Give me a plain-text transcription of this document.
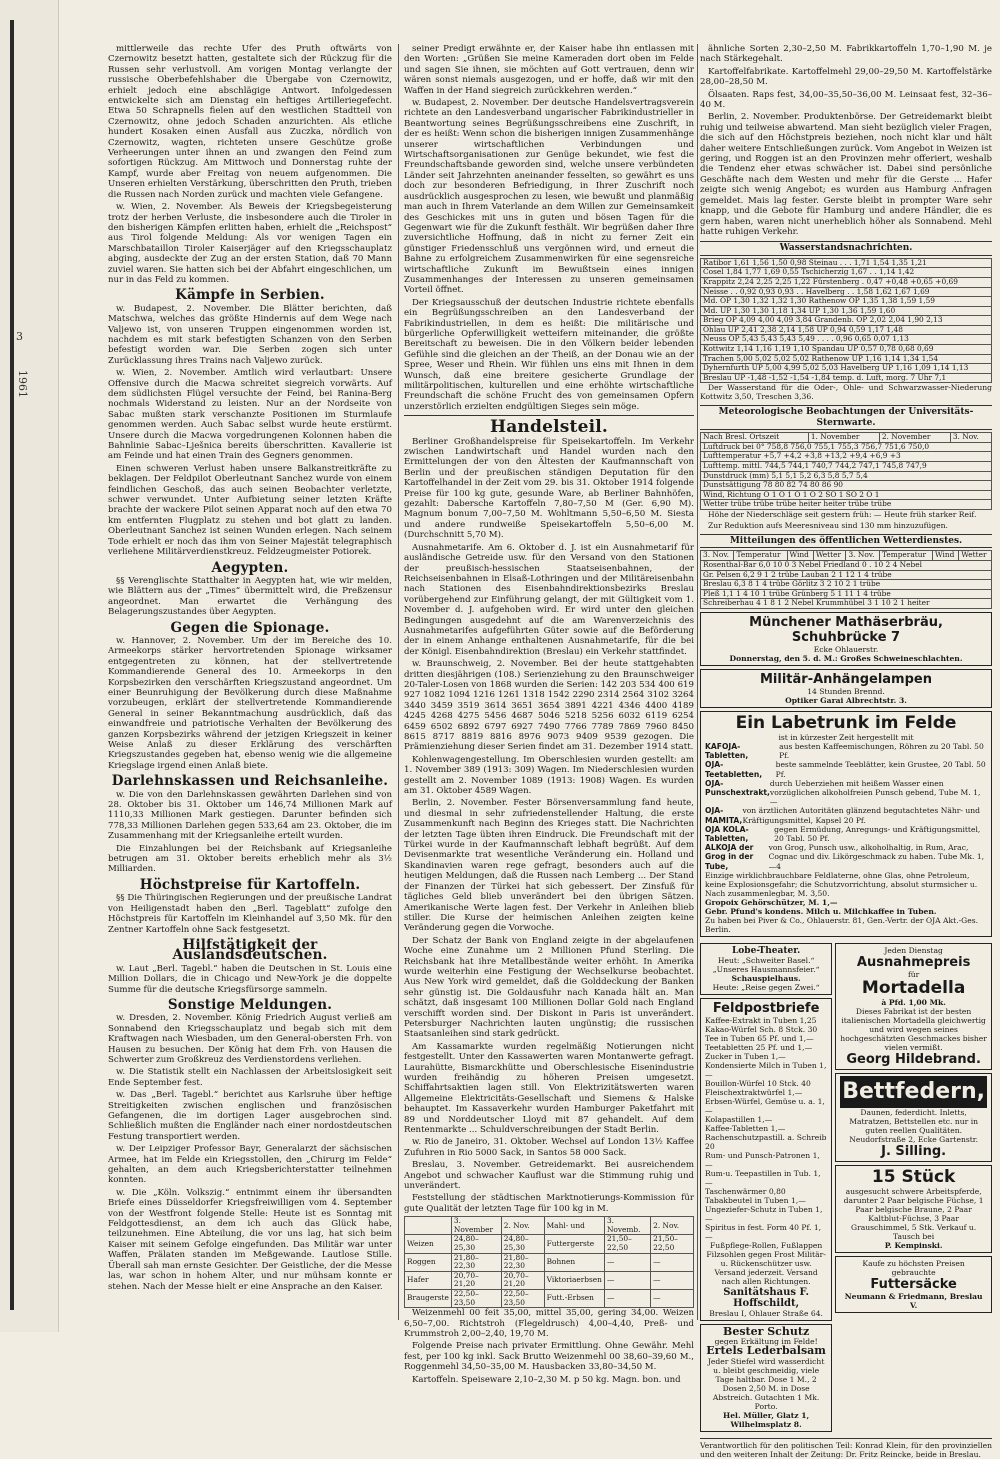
3
1961

mittlerweile das rechte Ufer des Pruth oftwärts von Czernowitz besetzt hatten, gestaltete sich der Rückzug für die Russen sehr verlustvoll. Am vorigen Montag verlangte der russische Oberbefehlshaber die Übergabe von Czernowitz, erhielt jedoch eine abschlägige Antwort. Infolgedessen entwickelte sich am Dienstag ein heftiges Artilleriegefecht. Etwa 50 Schrapnells fielen auf den westlichen Stadtteil von Czernowitz, ohne jedoch Schaden anzurichten. Als etliche hundert Kosaken einen Ausfall aus Zuczka, nördlich von Czernowitz, wagten, richteten unsere Geschütze große Verheerungen unter ihnen an und zwangen den Feind zum sofortigen Rückzug. Am Mittwoch und Donnerstag ruhte der Kampf, wurde aber Freitag von neuem aufgenommen. Die Unseren erhielten Verstärkung, überschritten den Pruth, trieben die Russen nach Norden zurück und machten viele Gefangene.

w. Wien, 2. November. Als Beweis der Kriegsbegeisterung trotz der herben Verluste, die insbesondere auch die Tiroler in den bisherigen Kämpfen erlitten haben, erhielt die „Reichspost“ aus Tirol folgende Meldung: Als vor wenigen Tagen ein Marschbataillon Tiroler Kaiserjäger auf den Kriegsschauplatz abging, ausdeckte der Zug an der ersten Station, daß 70 Mann zuviel waren. Sie hatten sich bei der Abfahrt eingeschlichen, um nur in das Feld zu kommen.

Kämpfe in Serbien.

w. Budapest, 2. November. Die Blätter berichten, daß Matschwa, welches das größte Hindernis auf dem Wege nach Valjewo ist, von unseren Truppen eingenommen worden ist, nachdem es mit stark befestigten Schanzen von den Serben befestigt worden war. Die Serben zogen sich unter Zurücklassung ihres Trains nach Valjewo zurück.

w. Wien, 2. November. Amtlich wird verlautbart: Unsere Offensive durch die Macwa schreitet siegreich vorwärts. Auf dem südlichsten Flügel versuchte der Feind, bei Ranina-Berg nochmals Widerstand zu leisten. Nur an der Nordseite von Sabac mußten stark verschanzte Positionen im Sturmlaufe genommen werden. Auch Sabac selbst wurde heute erstürmt. Unsere durch die Macwa vorgedrungenen Kolonnen haben die Bahnlinie Sabac–Lješnica bereits überschritten. Kavallerie ist am Feinde und hat einen Train des Gegners genommen.

Einen schweren Verlust haben unsere Balkanstreitkräfte zu beklagen. Der Feldpilot Oberleutnant Sanchez wurde von einem feindlichen Geschoß, das auch seinen Beobachter verletzte, schwer verwundet. Unter Aufbietung seiner letzten Kräfte brachte der wackere Pilot seinen Apparat noch auf den etwa 70 km entfernten Flugplatz zu stehen und bot glatt zu landen. Oberleutnant Sanchez ist seinen Wunden erlegen. Nach seinem Tode erhielt er noch das ihm von Seiner Majestät telegraphisch verliehene Militärverdienstkreuz. Feldzeugmeister Potiorek.

Aegypten.

§§ Verenglischte Statthalter in Aegypten hat, wie wir melden, wie Blättern aus der „Times“ übermittelt wird, die Preßzensur angeordnet. Man erwartet die Verhängung des Belagerungszustandes über Aegypten.

Gegen die Spionage.

w. Hannover, 2. November. Um der im Bereiche des 10. Armeekorps stärker hervortretenden Spionage wirksamer entgegentreten zu können, hat der stellvertretende Kommandierende General des 10. Armeekorps in den Korpsbezirken den verschärften Kriegszustand angeordnet. Um einer Beunruhigung der Bevölkerung durch diese Maßnahme vorzubeugen, erklärt der stellvertretende Kommandierende General in seiner Bekanntmachung ausdrücklich, daß das einwandfreie und patriotische Verhalten der Bevölkerung des ganzen Korpsbezirks während der jetzigen Kriegszeit in keiner Weise Anlaß zu dieser Erklärung des verschärften Kriegszustandes gegeben hat, ebenso wenig wie die allgemeine Kriegslage irgend einen Anlaß biete.

Darlehnskassen und Reichsanleihe.

w. Die von den Darlehnskassen gewährten Darlehen sind von 28. Oktober bis 31. Oktober um 146,74 Millionen Mark auf 1110,33 Millionen Mark gestiegen. Darunter befinden sich 778,33 Millionen Darlehen gegen 533,64 am 23. Oktober, die im Zusammenhang mit der Kriegsanleihe erteilt wurden.

Die Einzahlungen bei der Reichsbank auf Kriegsanleihe betrugen am 31. Oktober bereits erheblich mehr als 3½ Milliarden.

Höchstpreise für Kartoffeln.

§§ Die Thüringischen Regierungen und der preußische Landrat von Heiligenstadt haben den „Berl. Tageblatt“ zufolge den Höchstpreis für Kartoffeln im Kleinhandel auf 3,50 Mk. für den Zentner Kartoffeln ohne Sack festgesetzt.

Hilfstätigkeit der Auslandsdeutschen.

w. Laut „Berl. Tagebl.“ haben die Deutschen in St. Louis eine Million Dollars, die in Chicago und New-York je die doppelte Summe für die deutsche Kriegsfürsorge sammeln.

Sonstige Meldungen.

w. Dresden, 2. November. König Friedrich August verließ am Sonnabend den Kriegsschauplatz und begab sich mit dem Kraftwagen nach Wiesbaden, um den General-obersten Frh. von Hausen zu besuchen. Der König hat dem Frh. von Hausen die Schwerter zum Großkreuz des Verdienstordens verliehen.

w. Die Statistik stellt ein Nachlassen der Arbeitslosigkeit seit Ende September fest.

w. Das „Berl. Tagebl.“ berichtet aus Karlsruhe über heftige Streitigkeiten zwischen englischen und französischen Gefangenen, die im dortigen Lager ausgebrochen sind. Schließlich mußten die Engländer nach einer nordostdeutschen Festung transportiert werden.

w. Der Leipziger Professor Bayr, Generalarzt der sächsischen Armee, hat im Felde ein Kriegsstollen, den „Chirurg im Felde“ gehalten, an dem auch Kriegsberichterstatter teilnehmen konnten.

w. Die „Köln. Volkszig.“ entnimmt einem ihr übersandten Briefe eines Düsseldorfer Kriegsfreiwilligen vom 4. September von der Westfront folgende Stelle: Heute ist es Sonntag mit Feldgottesdienst, an dem ich auch das Glück habe, teilzunehmen. Eine Abteilung, die vor uns lag, hat sich beim Kaiser mit seinem Gefolge eingefunden. Das Militär war unter Waffen, Prälaten standen im Meßgewande. Lautlose Stille. Überall sah man ernste Gesichter. Der Geistliche, der die Messe las, war schon in hohem Alter, und nur mühsam konnte er stehen. Nach der Messe hielt er eine Ansprache an den Kaiser.

seiner Predigt erwähnte er, der Kaiser habe ihn entlassen mit den Worten: „Grüßen Sie meine Kameraden dort oben im Felde und sagen Sie ihnen, sie möchten auf Gott vertrauen, denn wir wären sonst niemals ausgezogen, und er hoffe, daß wir mit den Waffen in der Hand siegreich zurückkehren werden.“

w. Budapest, 2. November. Der deutsche Handelsvertragsverein richtete an den Landesverband ungarischer Fabrikindustrieller in Beantwortung seines Begrüßungsschreibens eine Zuschrift, in der es heißt: Wenn schon die bisherigen innigen Zusammenhänge unserer wirtschaftlichen Verbindungen und Wirtschaftsorganisationen zur Genüge bekundet, wie fest die Freundschaftsbande geworden sind, welche unsere verbündeten Länder seit Jahrzehnten aneinander fesselten, so gewährt es uns doch zur besonderen Befriedigung, in Ihrer Zuschrift noch ausdrücklich ausgesprochen zu lesen, wie bewußt und planmäßig man auch in Ihrem Vaterlande an dem Willen zur Gemeinsamkeit des Geschickes mit uns in guten und bösen Tagen für die Gegenwart wie für die Zukunft festhält. Wir begrüßen daher Ihre zuversichtliche Hoffnung, daß in nicht zu ferner Zeit ein günstiger Friedensschluß uns vergönnen wird, und erneut die Bahne zu erfolgreichem Zusammenwirken für eine segensreiche wirtschaftliche Zukunft im Bewußtsein eines innigen Zusammenhanges der Interessen zu unseren gemeinsamen Vorteil öffnet.

Der Kriegsausschuß der deutschen Industrie richtete ebenfalls ein Begrüßungsschreiben an den Landesverband der Fabrikindustriellen, in dem es heißt: Die militärische und bürgerliche Opferwilligkeit wetteifern miteinander, die größte Bereitschaft zu beweisen. Die in den Völkern beider lebenden Gefühle sind die gleichen an der Theiß, an der Donau wie an der Spree, Weser und Rhein. Wir fühlen uns eins mit Ihnen in dem Wunsch, daß eine breitere gesicherte Grundlage der militärpolitischen, kulturellen und eine erhöhte wirtschaftliche Freundschaft die schöne Frucht des von gemeinsamen Opfern unzerstörlich erzielten endgültigen Sieges sein möge.

Handelsteil.

Berliner Großhandelspreise für Speisekartoffeln. Im Verkehr zwischen Landwirtschaft und Handel wurden nach den Ermittelungen der von den Ältesten der Kaufmannschaft von Berlin und der preußischen ständigen Deputation für den Kartoffelhandel in der Zeit vom 29. bis 31. Oktober 1914 folgende Preise für 100 kg gute, gesunde Ware, ab Berliner Bahnhöfen, gezahlt: Dabersche Kartoffeln 7,80–7,50 M (Ger. 6,90 M). Magnum bonum 7,00–7,50 M. Wohltmann 5,50–6,50 M. Siesta und andere rundweiße Speisekartoffeln 5,50–6,00 M. (Durchschnitt 5,70 M).

Ausnahmetarife. Am 6. Oktober d. J. ist ein Ausnahmetarif für ausländische Getreide usw. für den Versand von den Stationen der preußisch-hessischen Staatseisenbahnen, der Reichseisenbahnen in Elsaß-Lothringen und der Militäreisenbahn nach Stationen des Eisenbahndirektionsbezirks Breslau vorübergehend zur Einführung gelangt, der mit Gültigkeit vom 1. November d. J. aufgehoben wird. Er wird unter den gleichen Bedingungen ausgedehnt auf die am Warenverzeichnis des Ausnahmetarifes aufgeführten Güter sowie auf die Beförderung der in einem Anhange enthaltenen Ausnahmetarife, für die bei der Königl. Eisenbahndirektion (Breslau) ein Verkehr stattfindet.

w. Braunschweig, 2. November. Bei der heute stattgehabten dritten diesjährigen (108.) Serienziehung zu den Braunschweiger 20-Taler-Losen von 1868 wurden die Serien: 142 203 534 400 619 927 1082 1094 1216 1261 1318 1542 2290 2314 2564 3102 3264 3440 3459 3519 3614 3651 3654 3891 4221 4346 4400 4189 4245 4268 4275 5456 4687 5046 5218 5256 6032 6119 6254 6459 6502 6892 6797 6927 7490 7766 7789 7869 7960 8450 8615 8717 8819 8816 8976 9073 9409 9539 gezogen. Die Prämienziehung dieser Serien findet am 31. Dezember 1914 statt.

Kohlenwagengestellung. Im Oberschlesien wurden gestellt: am 1. November 389 (1913: 309) Wagen. Im Niederschlesien wurden gestellt am 2. November 1089 (1913: 1908) Wagen. Es wurden am 31. Oktober 4589 Wagen.

Berlin, 2. November. Fester Börsenversammlung fand heute, und diesmal in sehr zufriedenstellender Haltung, die erste Zusammenkunft nach Beginn des Krieges statt. Die Nachrichten der letzten Tage übten ihren Eindruck. Die Freundschaft mit der Türkei wurde in der Kaufmannschaft lebhaft begrüßt. Auf dem Devisenmarkte trat wesentliche Veränderung ein. Holland und Skandinavien waren rege gefragt, besonders auch auf die heutigen Meldungen, daß die Russen nach Lemberg ... Der Stand der Finanzen der Türkei hat sich gebessert. Der Zinsfuß für tägliches Geld blieb unverändert bei den übrigen Sätzen. Amerikanische Werte lagen fest. Der Verkehr in Anleihen blieb stiller. Die Kurse der heimischen Anleihen zeigten keine Veränderung gegen die Vorwoche.

Der Schatz der Bank von England zeigte in der abgelaufenen Woche eine Zunahme um 2 Millionen Pfund Sterling. Die Reichsbank hat ihre Metallbestände weiter erhöht. In Amerika wurde weiterhin eine Festigung der Wechselkurse beobachtet. Aus New York wird gemeldet, daß die Golddeckung der Banken sehr günstig ist. Die Goldausfuhr nach Kanada hält an. Man schätzt, daß insgesamt 100 Millionen Dollar Gold nach England verschifft worden sind. Der Diskont in Paris ist unverändert. Petersburger Nachrichten lauten ungünstig; die russischen Staatsanleihen sind stark gedrückt.

Am Kassamarkte wurden regelmäßig Notierungen nicht festgestellt. Unter den Kassawerten waren Montanwerte gefragt. Laurahütte, Bismarckhütte und Oberschlesische Eisenindustrie wurden freihändig zu höheren Preisen umgesetzt. Schiffahrtsaktien lagen still. Von Elektrizitätswerten waren Allgemeine Elektricitäts-Gesellschaft und Siemens & Halske behauptet. Im Kassaverkehr wurden Hamburger Paketfahrt mit 89 und Norddeutscher Lloyd mit 87 gehandelt. Auf dem Rentenmarkte ... Schuldverschreibungen der Stadt Berlin.

w. Rio de Janeiro, 31. Oktober. Wechsel auf London 13½ Kaffee Zufuhren in Rio 5000 Sack, in Santos 58 000 Sack.

Breslau, 3. November. Getreidemarkt. Bei ausreichendem Angebot und schwacher Kauflust war die Stimmung ruhig und unverändert.

Feststellung der städtischen Marktnotierungs-Kommission für gute Qualität der letzten Tage für 100 kg in M.

	3. November	2. Nov.	Mahl- und	3. Novemb.	2. Nov.
Weizen	24,80–25,30	24,80–25,30	Futtergerste	21,50–22,50	21,50–22,50
Roggen	21,80–22,30	21,80–22,30	Bohnen	—	—
Hafer	20,70–21,20	20,70–21,20	Viktoriaerbsen	—	—
Braugerste	22,50–23,50	22,50–23,50	Futt.-Erbsen	—	—

Weizenmehl 00 feit 35,00, mittel 35,00, gering 34,00. Weizen 6,50–7,00. Richtstroh (Flegeldrusch) 4,00–4,40, Preß- und Krummstroh 2,00–2,40, 19,70 M.

Folgende Preise nach privater Ermittlung. Ohne Gewähr. Mehl fest, per 100 kg inkl. Sack Brutto Weizenmehl 00 38,60–39,60 M., Roggenmehl 34,50–35,00 M. Hausbacken 33,80–34,50 M.

Kartoffeln. Speiseware 2,10–2,30 M. p 50 kg. Magn. bon. und

ähnliche Sorten 2,30–2,50 M. Fabrikkartoffeln 1,70–1,90 M. je nach Stärkegehalt.

Kartoffelfabrikate. Kartoffelmehl 29,00–29,50 M. Kartoffelstärke 28,00–28,50 M.

Ölsaaten. Raps fest, 34,00–35,50–36,00 M. Leinsaat fest, 32–36–40 M.

Berlin, 2. November. Produktenbörse. Der Getreidemarkt bleibt ruhig und teilweise abwartend. Man sieht bezüglich vieler Fragen, die sich auf den Höchstpreis beziehen, noch nicht klar und hält daher weitere Entschließungen zurück. Vom Angebot in Weizen ist gering, und Roggen ist an den Provinzen mehr offeriert, weshalb die Tendenz eher etwas schwächer ist. Dabei sind persönliche Geschäfte nach dem Westen und mehr für die Gerste ... Hafer zeigte sich wenig Angebot; es wurden aus Hamburg Anfragen gemeldet. Mais lag fester. Gerste bleibt in prompter Ware sehr knapp, und die Gebote für Hamburg und andere Händler, die es gern haben, waren nicht unerheblich höher als Sonnabend. Mehl hatte ruhigen Verkehr.

Wasserstandsnachrichten.
Ratibor 1,61 1,56 1,50 0,98 Steinau . . . 1,71 1,54 1,35 1,21
Cosel 1,84 1,77 1,69 0,55 Tschicherzig 1,67 . . 1,14 1,42
Krappitz 2,24 2,25 2,25 1,22 Fürstenberg . 0,47 +0,48 +0,65 +0,69
Neisse . . 0,92 0,93 0,93 . . Havelberg . . 1,58 1,62 1,67 1,69
Md. OP 1,30 1,32 1,32 1,30 Rathenow OP 1,35 1,38 1,59 1,59
Md. UP 1,30 1,30 1,18 1,34 UP 1,30 1,36 1,59 1,60
Brieg OP 4,09 4,00 4,09 3,84 Grandenb. OP 2,02 2,04 1,90 2,13
Ohlau UP 2,41 2,38 2,14 1,58 UP 0,94 0,59 1,17 1,48
Neuss OP 5,43 5,43 5,43 5,49 . . . . 0,96 0,65 0,07 1,13
Kottwitz 1,14 1,16 1,19 1,10 Spandau UP 0,57 0,78 0,68 0,69
Trachen 5,00 5,02 5,02 5,02 Rathenow UP 1,16 1,14 1,34 1,54
Dyhernfurth UP 5,00 4,99 5,02 5,03 Havelberg UP 1,16 1,09 1,14 1,13
Breslau UP -1,48 -1,52 -1,54 -1,84 temp. d. Luft, morg. 7 Uhr 7,1

Der Wasserstand für die Oder-, Ohle- und Schwarzwasser-Niederung Kottwitz 3,50, Treschen 3,36.

Meteorologische Beobachtungen der Universitäts-Sternwarte.
Nach Bresl. Ortszeit	1. November	2. November	3. Nov.
Luftdruck bei 0° 758,8 756,0 755,1 755,3 756,7 751,6 750,0
Lufttemperatur +5,7 +4,2 +3,8 +13,2 +9,4 +6,9 +3
Lufttemp. mittl. 744,5 744,1 740,7 744,2 747,1 745,8 747,9
Dunstdruck (mm) 5,1 5,1 5,2 6,3 5,8 5,7 5,4
Dunstsättigung 78 80 82 74 80 86 90
Wind, Richtung O 1 O 1 O 1 O 2 SO 1 SO 2 O 1
Wetter trübe trübe trübe heiter heiter trübe trübe

Höhe der Niederschläge seit gestern früh: — Heute früh starker Reif.

Zur Reduktion aufs Meeresniveau sind 130 mm hinzuzufügen.

Mitteilungen des öffentlichen Wetterdienstes.
3. Nov.	Temperatur	Wind	Wetter	3. Nov.	Temperatur	Wind	Wetter
Rosenthal-Bar 6,0 10 0 3 Nebel Friedland 0 . 10 2 4 Nebel
Gr. Pelsen 6,2 9 1 2 trübe Lauban 2 1 12 1 4 trübe
Breslau 6,3 8 1 4 trübe Görlitz 3 2 10 2 1 trübe
Pleß 1,1 1 4 10 1 trübe Grünberg 5 1 11 1 4 trübe
Schreiberhau 4 1 8 1 2 Nebel Krummhübel 3 1 10 2 1 heiter
Münchener Mathäserbräu, Schuhbrücke 7
Ecke Ohlauerstr.
Donnerstag, den 5. d. M.: Großes Schweineschlachten.
Militär-Anhängelampen
14 Stunden Brennd.
Optiker Garai Albrechtstr. 3.
Ein Labetrunk im Felde
ist in kürzester Zeit hergestellt mit
KAFOJA-Tabletten,
aus besten Kaffeemischungen, Röhren zu 20 Tabl. 50 Pf.
OJA-Teetabletten,
beste sammelnde Teeblätter, kein Grustee, 20 Tabl. 50 Pf.
OJA-Punschextrakt,
durch Ueberziehen mit heißem Wasser einen vorzüglichen alkoholfreien Punsch gebend, Tube M. 1,—
OJA-MAMITA,
von ärztlichen Autoritäten glänzend begutachtetes Nähr- und Kräftigungsmittel, Kapsel 20 Pf.
OJA KOLA-Tabletten,
gegen Ermüdung, Anregungs- und Kräftigungsmittel, 20 Tabl. 50 Pf.
ALKOJA der Grog in der Tube,
von Grog, Punsch usw., alkoholhaltig, in Rum, Arac, Cognac und div. Likörgeschmack zu haben. Tube Mk. 1,—4
Einzige wirklichbrauchbare Feldlaterne, ohne Glas, ohne Petroleum, keine Explosionsgefahr; die Schutzvorrichtung, absolut sturmsicher u. Nach zusammenlegbar, M. 3,50.
Gropoix Gehörschützer, M. 1,—
Gebr. Pfund's kondens. Milch u. Milchkaffee in Tuben.
Zu haben bei Piver & Co., Ohlauerstr. 81, Gen.-Vertr. der OJA Akt.-Ges. Berlin.
Lobe-Theater.
Heut: „Schweiter Basel.“
„Unseres Hausmannsfeier.“
Schauspielhaus.
Heute: „Reise gegen Zwei.“
Feldpostbriefe
Kaffee-Extrakt in Tuben 1,25
Kakao-Würfel Sch. 8 Stck. 30
Tee in Tuben 65 Pf. und 1,—
Teetabletten 25 Pf. und 1,—
Zucker in Tuben 1,—
Kondensierte Milch in Tuben 1,—
Bouillon-Würfel 10 Stck. 40
Fleischextraktwürfel 1,—
Erbsen-Würfel, Gemüse u. a. 1,—
Kolapastillen 1,—
Kaffee-Tabletten 1,—
Rachenschutzpastill. a. Schreib 20
Rum- und Punsch-Patronen 1,—
Rum-u. Teepastillen in Tub. 1,—
Taschenwärmer 0,80
Tabakbeutel in Tuben 1,—
Ungeziefer-Schutz in Tuben 1,—
Spiritus in fest. Form 40 Pf. 1,—
Fußpflege-Rollen, Fußlappen Filzsohlen gegen Frost Militär- u. Rückenschützer usw. Versand jederzeit. Versand nach allen Richtungen.
Sanitätshaus F. Hoffschildt,
Breslau I, Ohlauer Straße 64.
Bester Schutz
gegen Erkältung im Felde!
Ertels Lederbalsam
Jeder Stiefel wird wasserdicht u. bleibt geschmeidig, viele Tage haltbar. Dose 1 M., 2 Dosen 2,50 M. in Dose Abstreich. Gutachten 1 Mk. Porto.
Hel. Müller, Glatz 1, Wilhelmsplatz 8.
Jeden Dienstag
Ausnahmepreis
für
Mortadella
à Pfd. 1,00 Mk.
Dieses Fabrikat ist der besten italienischen Mortadella gleichwertig und wird wegen seines hochgeschätzten Geschmackes bisher vielen vermißt.
Georg Hildebrand.
Bettfedern,
Daunen, federdicht. Inletts, Matratzen, Bettstellen etc. nur in guten reellen Qualitäten.
Neudorfstraße 2, Ecke Gartenstr.
J. Silling.
15 Stück
ausgesucht schwere Arbeitspferde, darunter 2 Paar belgische Füchse, 1 Paar belgische Braune, 2 Paar Kaltblut-Füchse, 3 Paar Grauschimmel, 5 Stk. Verkauf u. Tausch bei
P. Kempinski.
Kaufe zu höchsten Preisen gebrauchte
Futtersäcke
Neumann & Friedmann, Breslau V.
Verantwortlich für den politischen Teil: Konrad Klein, für den provinziellen und den weiteren Inhalt der Zeitung: Dr. Fritz Reincke, beide in Breslau.
